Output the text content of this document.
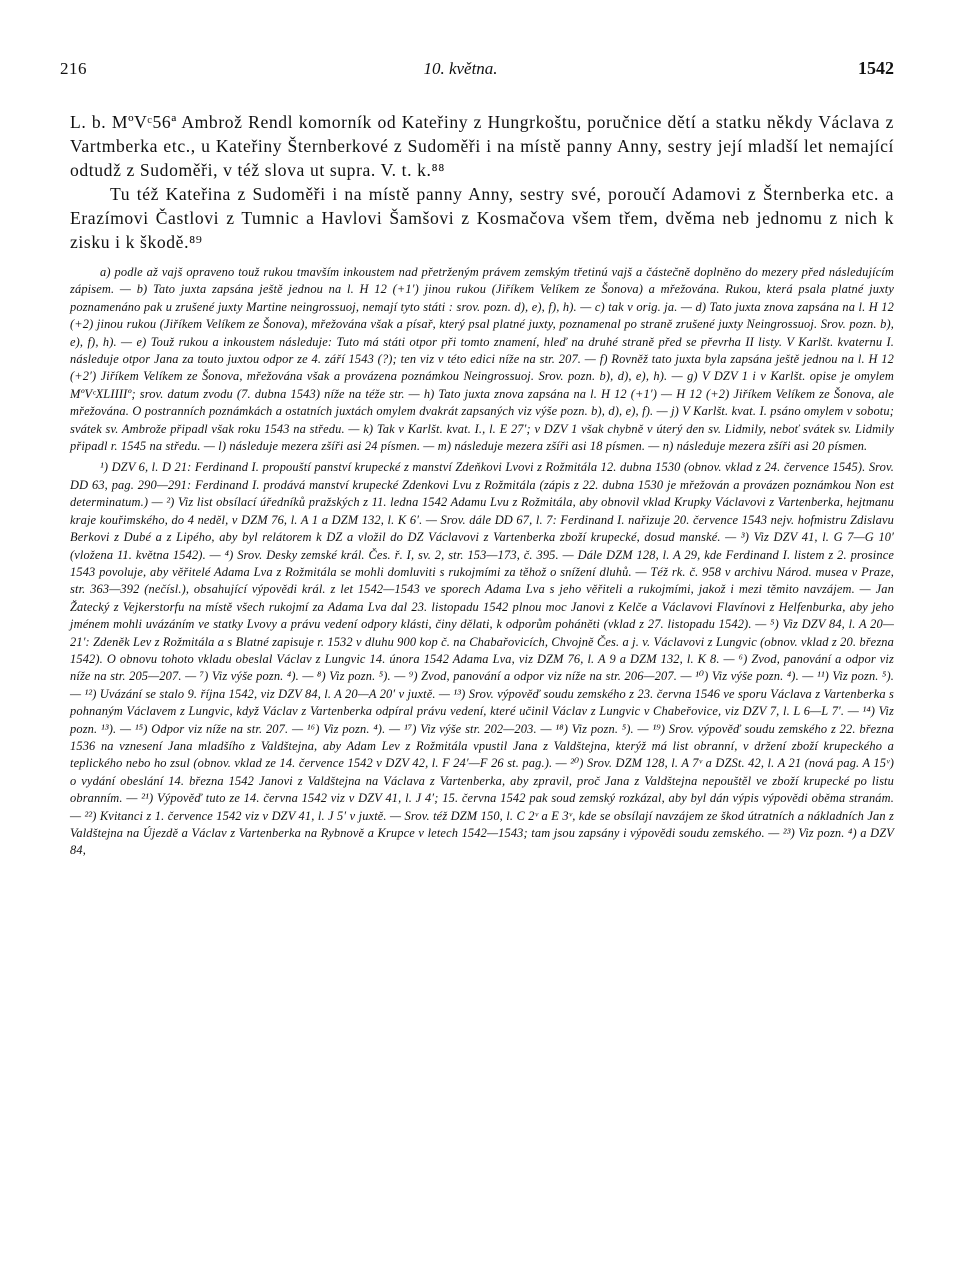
216	10. května.	1542

L. b. MºVᶜ56ª Ambrož Rendl komorník od Kateřiny z Hungrkoštu, poručnice dětí a statku někdy Václava z Vartmberka etc., u Kateřiny Šternberkové z Sudoměři i na místě panny Anny, sestry její mladší let nemající odtudž z Sudoměři, v též slova ut supra. V. t. k.⁸⁸

Tu též Kateřina z Sudoměři i na místě panny Anny, sestry své, poroučí Adamovi z Šternberka etc. a Erazímovi Častlovi z Tumnic a Havlovi Šamšovi z Kosmačova všem třem, dvěma neb jednomu z nich k zisku i k škodě.⁸⁹

a) podle až vajš opraveno touž rukou tmavším inkoustem nad přetrženým právem zemským třetinú vajš a částečně doplněno do mezery před následujícím zápisem. — b) Tato juxta zapsána ještě jednou na l. H 12 (+1′) jinou rukou (Jiříkem Velíkem ze Šonova) a mřežována. Rukou, která psala platné juxty poznamenáno pak u zrušené juxty Martine neingrossuoj, nemají tyto státi : srov. pozn. d), e), f), h). — c) tak v orig. ja. — d) Tato juxta znova zapsána na l. H 12 (+2) jinou rukou (Jiříkem Velíkem ze Šonova), mřežována však a písař, který psal platné juxty, poznamenal po straně zrušené juxty Neingrossuoj. Srov. pozn. b), e), f), h). — e) Touž rukou a inkoustem následuje: Tuto má státi otpor při tomto znamení, hleď na druhé straně před se převrha II listy. V Karlšt. kvaternu I. následuje otpor Jana za touto juxtou odpor ze 4. září 1543 (?); ten viz v této edici níže na str. 207. — f) Rovněž tato juxta byla zapsána ještě jednou na l. H 12 (+2′) Jiříkem Velíkem ze Šonova, mřežována však a provázena poznámkou Neingrossuoj. Srov. pozn. b), d), e), h). — g) V DZV 1 i v Karlšt. opise je omylem MºVᶜXLIIIIº; srov. datum zvodu (7. dubna 1543) níže na téže str. — h) Tato juxta znova zapsána na l. H 12 (+1′) — H 12 (+2) Jiříkem Velíkem ze Šonova, ale mřežována. O postranních poznámkách a ostatních juxtách omylem dvakrát zapsaných viz výše pozn. b), d), e), f). — j) V Karlšt. kvat. I. psáno omylem v sobotu; svátek sv. Ambrože připadl však roku 1543 na středu. — k) Tak v Karlšt. kvat. I., l. E 27′; v DZV 1 však chybně v úterý den sv. Lidmily, neboť svátek sv. Lidmily připadl r. 1545 na středu. — l) následuje mezera zšíři asi 24 písmen. — m) následuje mezera zšíři asi 18 písmen. — n) následuje mezera zšíři asi 20 písmen.

¹) DZV 6, l. D 21: Ferdinand I. propouští panství krupecké z manství Zdeňkovi Lvovi z Rožmitála 12. dubna 1530 (obnov. vklad z 24. července 1545). Srov. DD 63, pag. 290—291: Ferdinand I. prodává manství krupecké Zdenkovi Lvu z Rožmitála (zápis z 22. dubna 1530 je mřežován a provázen poznámkou Non est determinatum.) — ²) Viz list obsílací úředníků pražských z 11. ledna 1542 Adamu Lvu z Rožmitála, aby obnovil vklad Krupky Václavovi z Vartenberka, hejtmanu kraje kouřimského, do 4 neděl, v DZM 76, l. A 1 a DZM 132, l. K 6′. — Srov. dále DD 67, l. 7: Ferdinand I. nařizuje 20. července 1543 nejv. hofmistru Zdislavu Berkovi z Dubé a z Lipého, aby byl relátorem k DZ a vložil do DZ Václavovi z Vartenberka zboží krupecké, dosud manské. — ³) Viz DZV 41, l. G 7—G 10′ (vložena 11. května 1542). — ⁴) Srov. Desky zemské král. Čes. ř. I, sv. 2, str. 153—173, č. 395. — Dále DZM 128, l. A 29, kde Ferdinand I. listem z 2. prosince 1543 povoluje, aby věřitelé Adama Lva z Rožmitála se mohli domluviti s rukojmími za těhož o snížení dluhů. — Též rk. č. 958 v archivu Národ. musea v Praze, str. 363—392 (nečísl.), obsahující výpovědi král. z let 1542—1543 ve sporech Adama Lva s jeho věřiteli a rukojmími, jakož i mezi těmito navzájem. — Jan Žatecký z Vejkerstorfu na místě všech rukojmí za Adama Lva dal 23. listopadu 1542 plnou moc Janovi z Kelče a Václavovi Flavínovi z Helfenburka, aby jeho jménem mohli uvázáním ve statky Lvovy a právu vedení odpory klásti, činy dělati, k odporům poháněti (vklad z 27. listopadu 1542). — ⁵) Viz DZV 84, l. A 20—21′: Zdeněk Lev z Rožmitála a s Blatné zapisuje r. 1532 v dluhu 900 kop č. na Chabařovicích, Chvojně Čes. a j. v. Václavovi z Lungvic (obnov. vklad z 20. března 1542). O obnovu tohoto vkladu obeslal Václav z Lungvic 14. února 1542 Adama Lva, viz DZM 76, l. A 9 a DZM 132, l. K 8. — ⁶) Zvod, panování a odpor viz níže na str. 205—207. — ⁷) Viz výše pozn. ⁴). — ⁸) Viz pozn. ⁵). — ⁹) Zvod, panování a odpor viz níže na str. 206—207. — ¹⁰) Viz výše pozn. ⁴). — ¹¹) Viz pozn. ⁵). — ¹²) Uvázání se stalo 9. října 1542, viz DZV 84, l. A 20—A 20′ v juxtě. — ¹³) Srov. výpověď soudu zemského z 23. června 1546 ve sporu Václava z Vartenberka s pohnaným Václavem z Lungvic, když Václav z Vartenberka odpíral právu vedení, které učinil Václav z Lungvic v Chabeřovice, viz DZV 7, l. L 6—L 7′. — ¹⁴) Viz pozn. ¹³). — ¹⁵) Odpor viz níže na str. 207. — ¹⁶) Viz pozn. ⁴). — ¹⁷) Viz výše str. 202—203. — ¹⁸) Viz pozn. ⁵). — ¹⁹) Srov. výpověď soudu zemského z 22. března 1536 na vznesení Jana mladšího z Valdštejna, aby Adam Lev z Rožmitála vpustil Jana z Valdštejna, kterýž má list obranní, v držení zboží krupeckého a teplického nebo ho zsul (obnov. vklad ze 14. července 1542 v DZV 42, l. F 24′—F 26 st. pag.). — ²⁰) Srov. DZM 128, l. A 7ᵛ a DZSt. 42, l. A 21 (nová pag. A 15ᵛ) o vydání obeslání 14. března 1542 Janovi z Valdštejna na Václava z Vartenberka, aby zpravil, proč Jana z Valdštejna nepouštěl ve zboží krupecké po listu obranním. — ²¹) Výpověď tuto ze 14. června 1542 viz v DZV 41, l. J 4′; 15. června 1542 pak soud zemský rozkázal, aby byl dán výpis výpovědi oběma stranám. — ²²) Kvitanci z 1. července 1542 viz v DZV 41, l. J 5′ v juxtě. — Srov. též DZM 150, l. C 2ᵛ a E 3ᵛ, kde se obsílají navzájem ze škod útratních a nákladních Jan z Valdštejna na Újezdě a Václav z Vartenberka na Rybnově a Krupce v letech 1542—1543; tam jsou zapsány i výpovědi soudu zemského. — ²³) Viz pozn. ⁴) a DZV 84,
